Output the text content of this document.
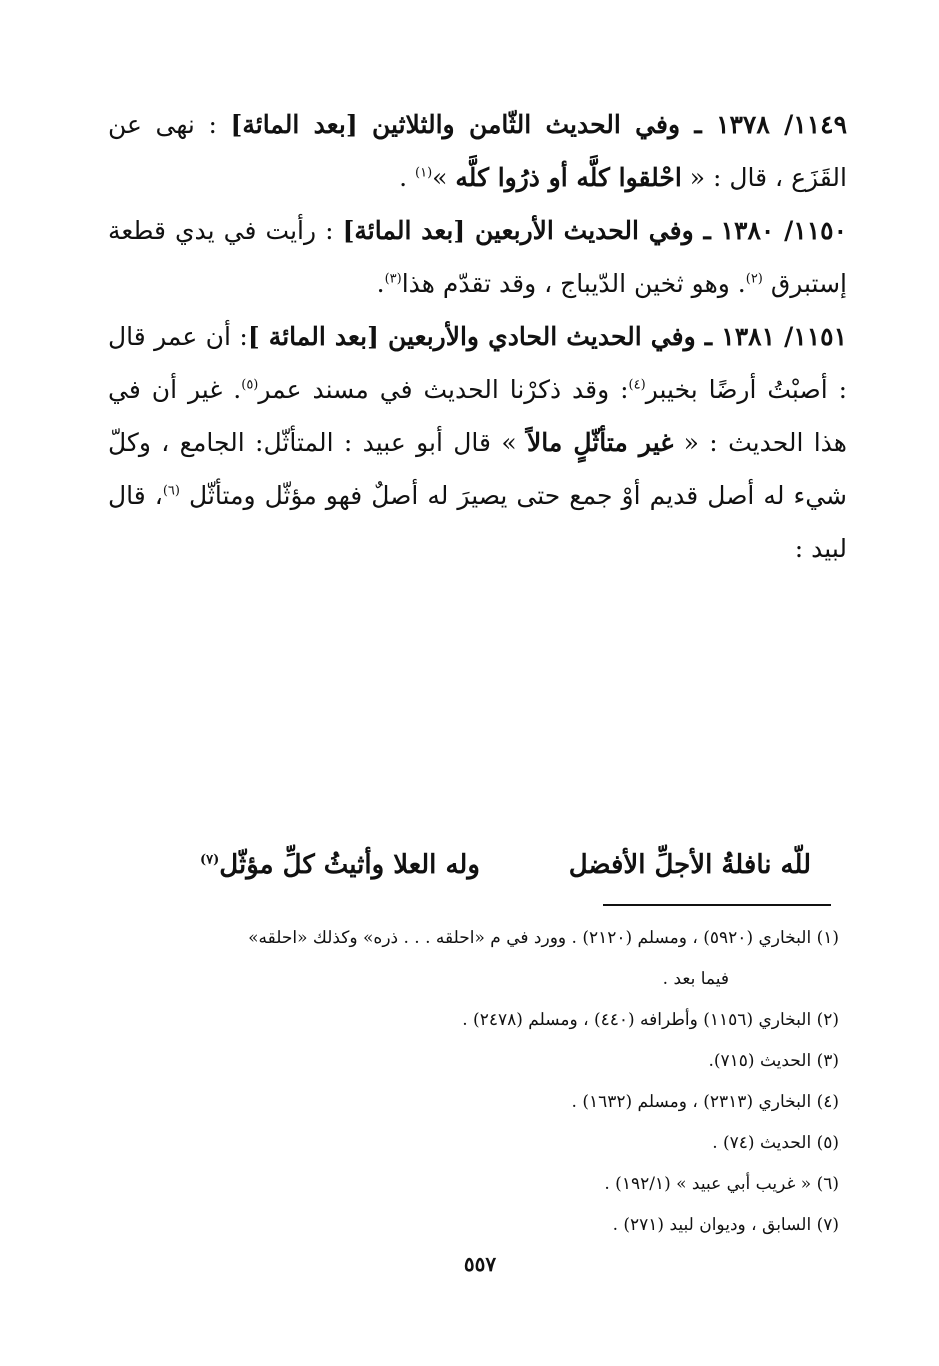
١١٤٩/ ١٣٧٨ ـ وفي الحديث الثّامن والثلاثين [بعد المائة] : نهى عن القَزَع ، قال : « احْلقوا كلَّه أو ذرُوا كلَّه »$^{(١)}$ .

١١٥٠/ ١٣٨٠ ـ وفي الحديث الأربعين [بعد المائة] : رأيت في يدي قطعة إستبرق $^{(٢)}$. وهو ثخين الدّيباج ، وقد تقدّم هذا$^{(٣)}$.

١١٥١/ ١٣٨١ ـ وفي الحديث الحادي والأربعين [بعد المائة ]: أن عمر قال : أصبْتُ أرضًا بخيبر$^{(٤)}$: وقد ذكرْنا الحديث في مسند عمر$^{(٥)}$. غير أن في هذا الحديث : « غير متأثّلٍ مالاً » قال أبو عبيد : المتأثّل: الجامع ، وكلّ شيء له أصل قديم أوْ جمع حتى يصيرَ له أصلٌ فهو مؤثّل ومتأثّل $^{(٦)}$، قال لبيد :

للّه نافلةُ الأجلِّ الأفضل
وله العلا وأثيثُ كلِّ مؤثّل$^{(٧)}$

(١) البخاري (٥٩٢٠) ، ومسلم (٢١٢٠) . وورد في م «احلقه . . . ذره» وكذلك «احلقه»

فيما بعد .

(٢) البخاري (١١٥٦) وأطرافه (٤٤٠) ، ومسلم (٢٤٧٨) .

(٣) الحديث (٧١٥).

(٤) البخاري (٢٣١٣) ، ومسلم (١٦٣٢) .

(٥) الحديث (٧٤) .

(٦) « غريب أبي عبيد » (١٩٢/١) .

(٧) السابق ، وديوان لبيد (٢٧١) .

٥٥٧
